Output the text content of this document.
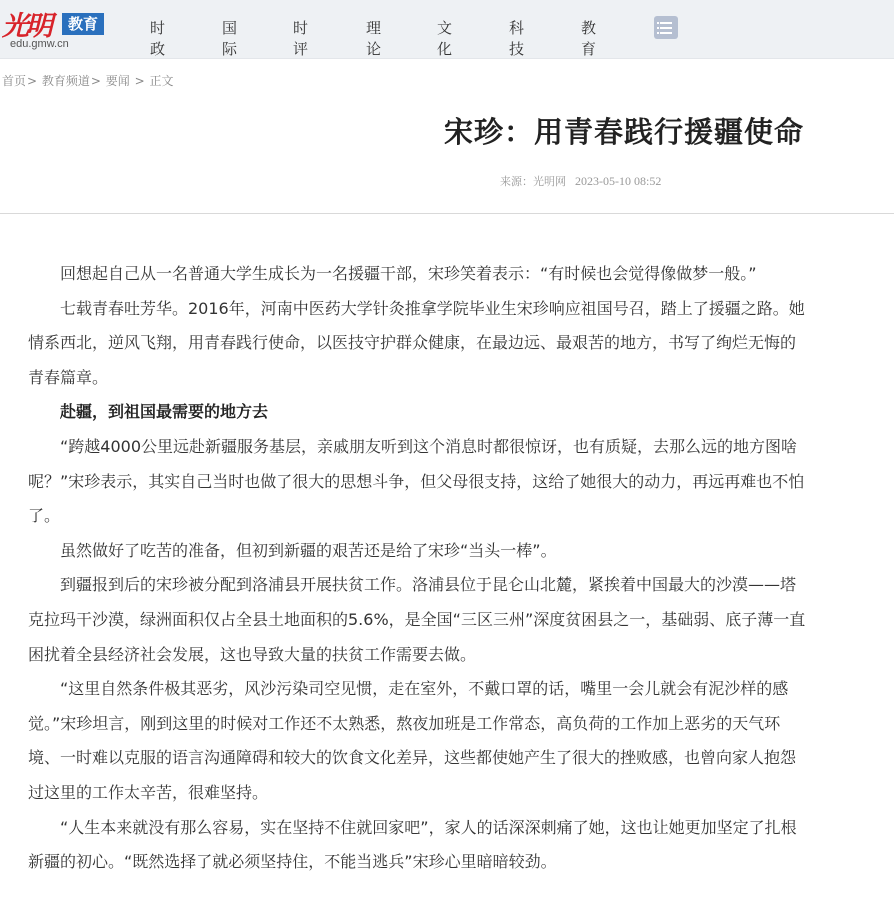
光明	教育
edu.gmw.cn
时政
国际
时评
理论
文化
科技
教育
首页> 教育频道> 要闻 > 正文
宋珍：用青春践行援疆使命
来源：光明网 2023-05-10 08:52

回想起自己从一名普通大学生成长为一名援疆干部，宋珍笑着表示：“有时候也会觉得像做梦一般。”

七载青春吐芳华。2016年，河南中医药大学针灸推拿学院毕业生宋珍响应祖国号召，踏上了援疆之路。她情系西北，逆风飞翔，用青春践行使命，以医技守护群众健康，在最边远、最艰苦的地方，书写了绚烂无悔的青春篇章。

赴疆，到祖国最需要的地方去

“跨越4000公里远赴新疆服务基层，亲戚朋友听到这个消息时都很惊讶，也有质疑，去那么远的地方图啥呢？”宋珍表示，其实自己当时也做了很大的思想斗争，但父母很支持，这给了她很大的动力，再远再难也不怕了。

虽然做好了吃苦的准备，但初到新疆的艰苦还是给了宋珍“当头一棒”。

到疆报到后的宋珍被分配到洛浦县开展扶贫工作。洛浦县位于昆仑山北麓，紧挨着中国最大的沙漠——塔克拉玛干沙漠，绿洲面积仅占全县土地面积的5.6%，是全国“三区三州”深度贫困县之一，基础弱、底子薄一直困扰着全县经济社会发展，这也导致大量的扶贫工作需要去做。

“这里自然条件极其恶劣，风沙污染司空见惯，走在室外，不戴口罩的话，嘴里一会儿就会有泥沙样的感觉。”宋珍坦言，刚到这里的时候对工作还不太熟悉，熬夜加班是工作常态，高负荷的工作加上恶劣的天气环境、一时难以克服的语言沟通障碍和较大的饮食文化差异，这些都使她产生了很大的挫败感，也曾向家人抱怨过这里的工作太辛苦，很难坚持。

“人生本来就没有那么容易，实在坚持不住就回家吧”，家人的话深深刺痛了她，这也让她更加坚定了扎根新疆的初心。“既然选择了就必须坚持住，不能当逃兵”宋珍心里暗暗较劲。
